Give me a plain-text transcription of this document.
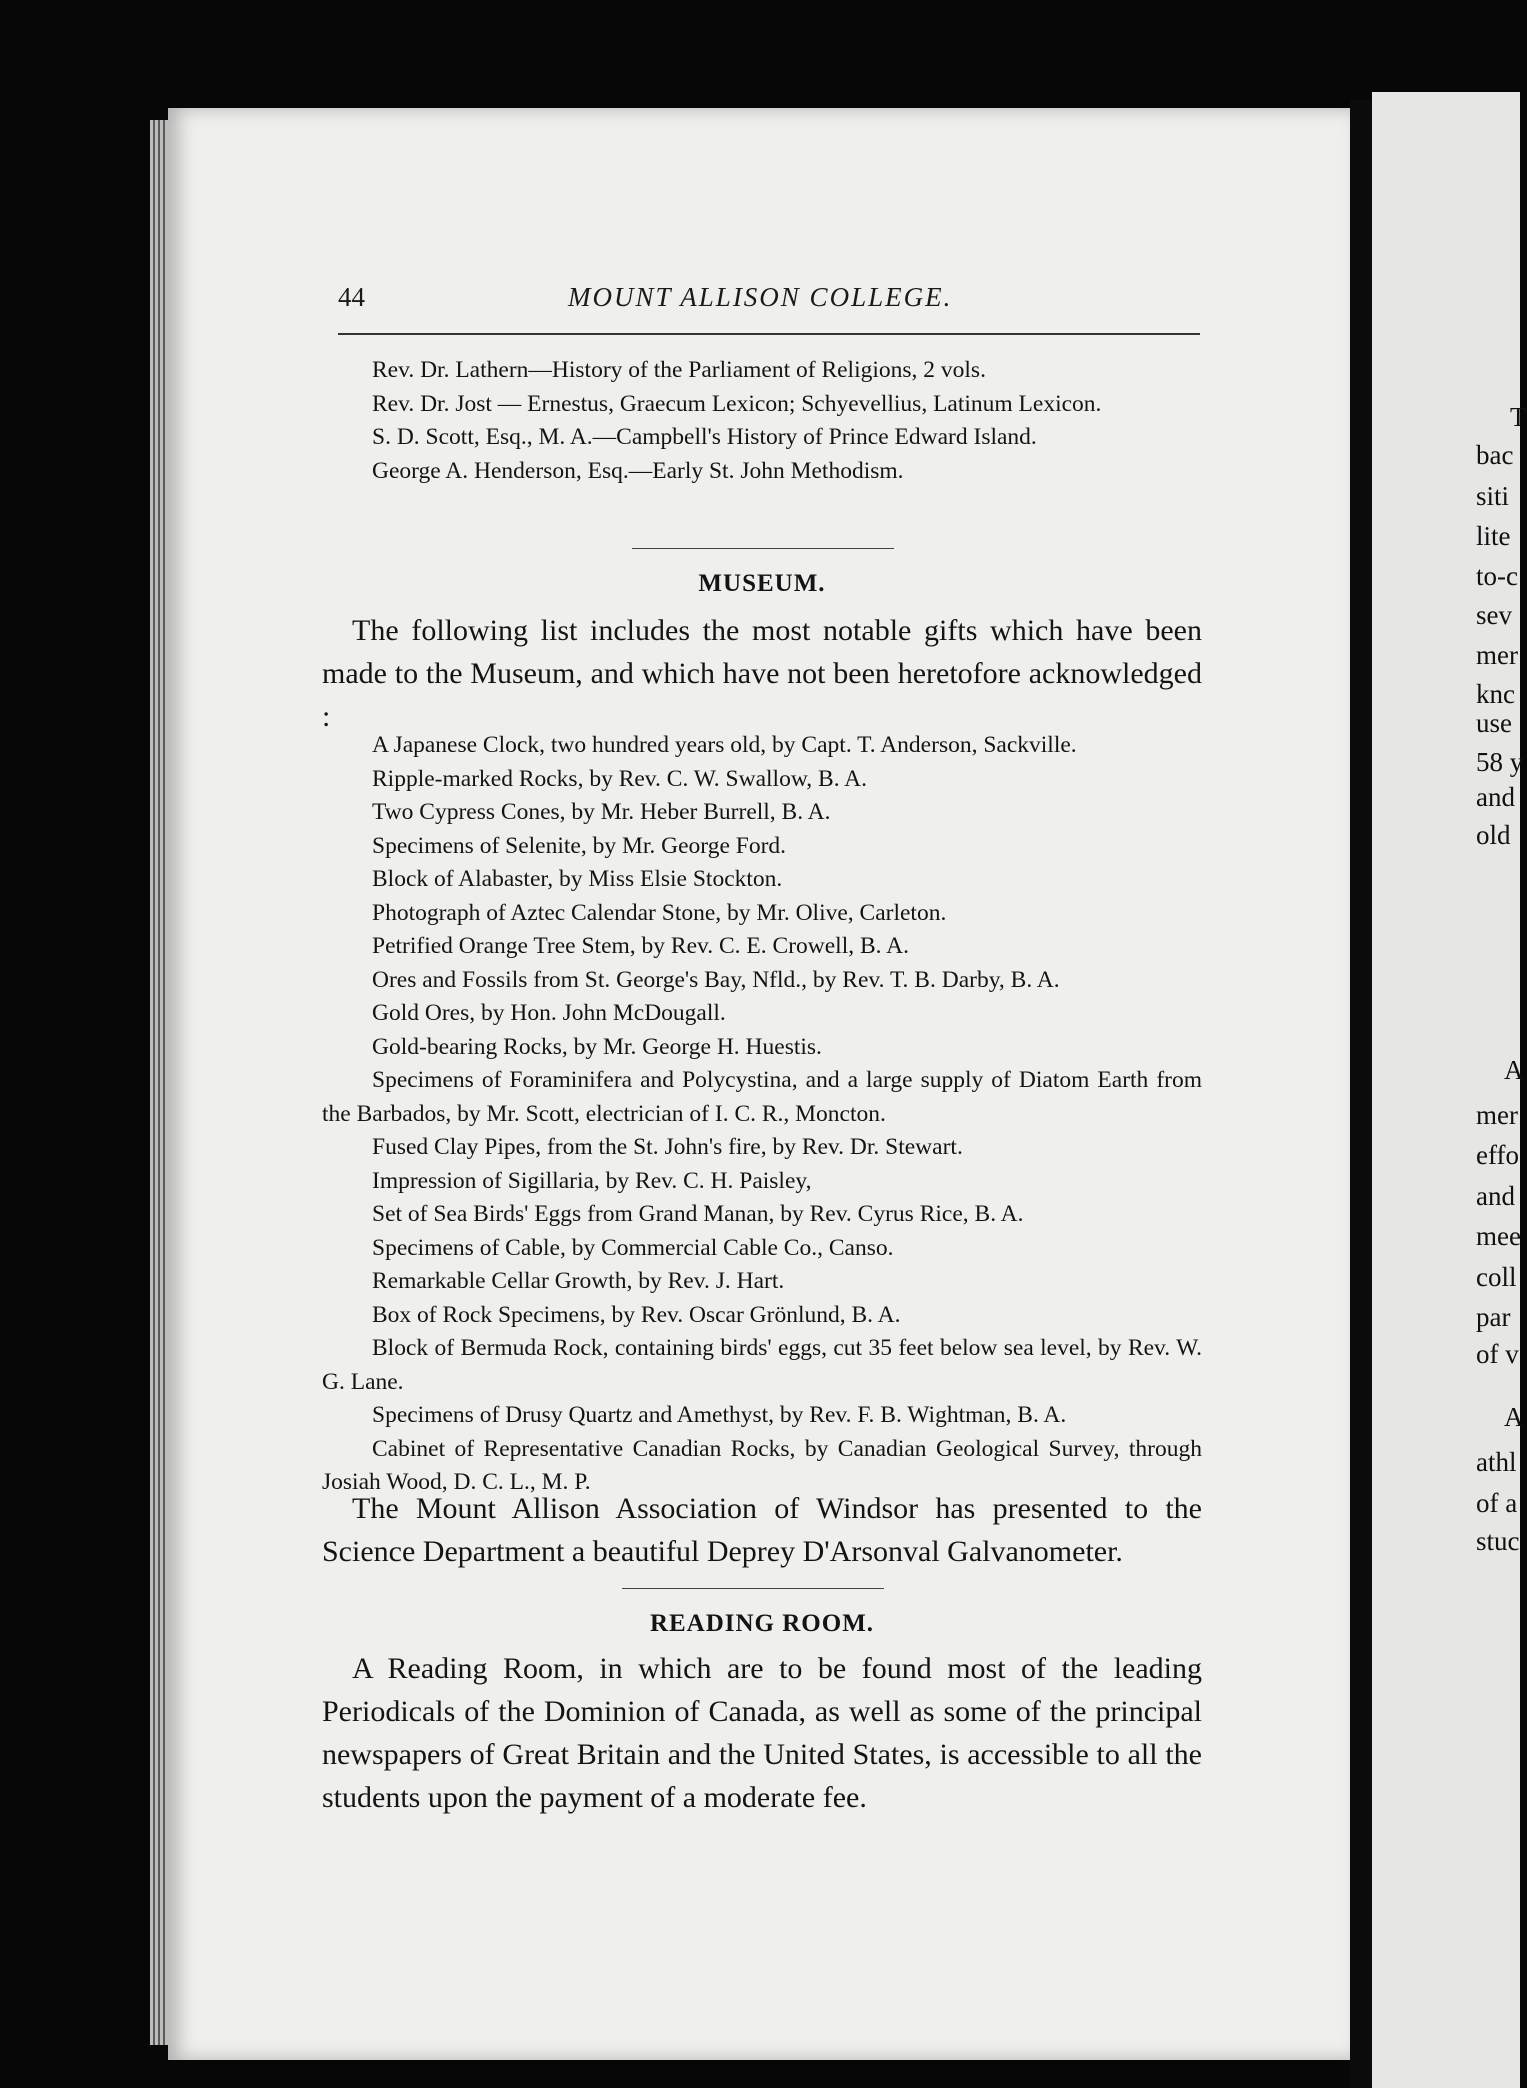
44	MOUNT ALLISON COLLEGE.

Rev. Dr. Lathern—History of the Parliament of Religions, 2 vols.

Rev. Dr. Jost — Ernestus, Graecum Lexicon; Schyevellius, Latinum Lexicon.

S. D. Scott, Esq., M. A.—Campbell's History of Prince Edward Island.

George A. Henderson, Esq.—Early St. John Methodism.

MUSEUM.

The following list includes the most notable gifts which have been made to the Museum, and which have not been heretofore acknowledged :

A Japanese Clock, two hundred years old, by Capt. T. Anderson, Sackville.

Ripple-marked Rocks, by Rev. C. W. Swallow, B. A.

Two Cypress Cones, by Mr. Heber Burrell, B. A.

Specimens of Selenite, by Mr. George Ford.

Block of Alabaster, by Miss Elsie Stockton.

Photograph of Aztec Calendar Stone, by Mr. Olive, Carleton.

Petrified Orange Tree Stem, by Rev. C. E. Crowell, B. A.

Ores and Fossils from St. George's Bay, Nfld., by Rev. T. B. Darby, B. A.

Gold Ores, by Hon. John McDougall.

Gold-bearing Rocks, by Mr. George H. Huestis.

Specimens of Foraminifera and Polycystina, and a large supply of Diatom Earth from the Barbados, by Mr. Scott, electrician of I. C. R., Moncton.

Fused Clay Pipes, from the St. John's fire, by Rev. Dr. Stewart.

Impression of Sigillaria, by Rev. C. H. Paisley,

Set of Sea Birds' Eggs from Grand Manan, by Rev. Cyrus Rice, B. A.

Specimens of Cable, by Commercial Cable Co., Canso.

Remarkable Cellar Growth, by Rev. J. Hart.

Box of Rock Specimens, by Rev. Oscar Grönlund, B. A.

Block of Bermuda Rock, containing birds' eggs, cut 35 feet below sea level, by Rev. W. G. Lane.

Specimens of Drusy Quartz and Amethyst, by Rev. F. B. Wightman, B. A.

Cabinet of Representative Canadian Rocks, by Canadian Geological Survey, through Josiah Wood, D. C. L., M. P.

The Mount Allison Association of Windsor has presented to the Science Department a beautiful Deprey D'Arsonval Galvanometer.

READING ROOM.

A Reading Room, in which are to be found most of the leading Periodicals of the Dominion of Canada, as well as some of the principal newspapers of Great Britain and the United States, is accessible to all the students upon the payment of a moderate fee.

T
bac
siti
lite
to-c
sev
mer
knc
use
58 y
and
old
A
mer
effo
and
mee
coll
par
of v
A
athl
of a
stuc
